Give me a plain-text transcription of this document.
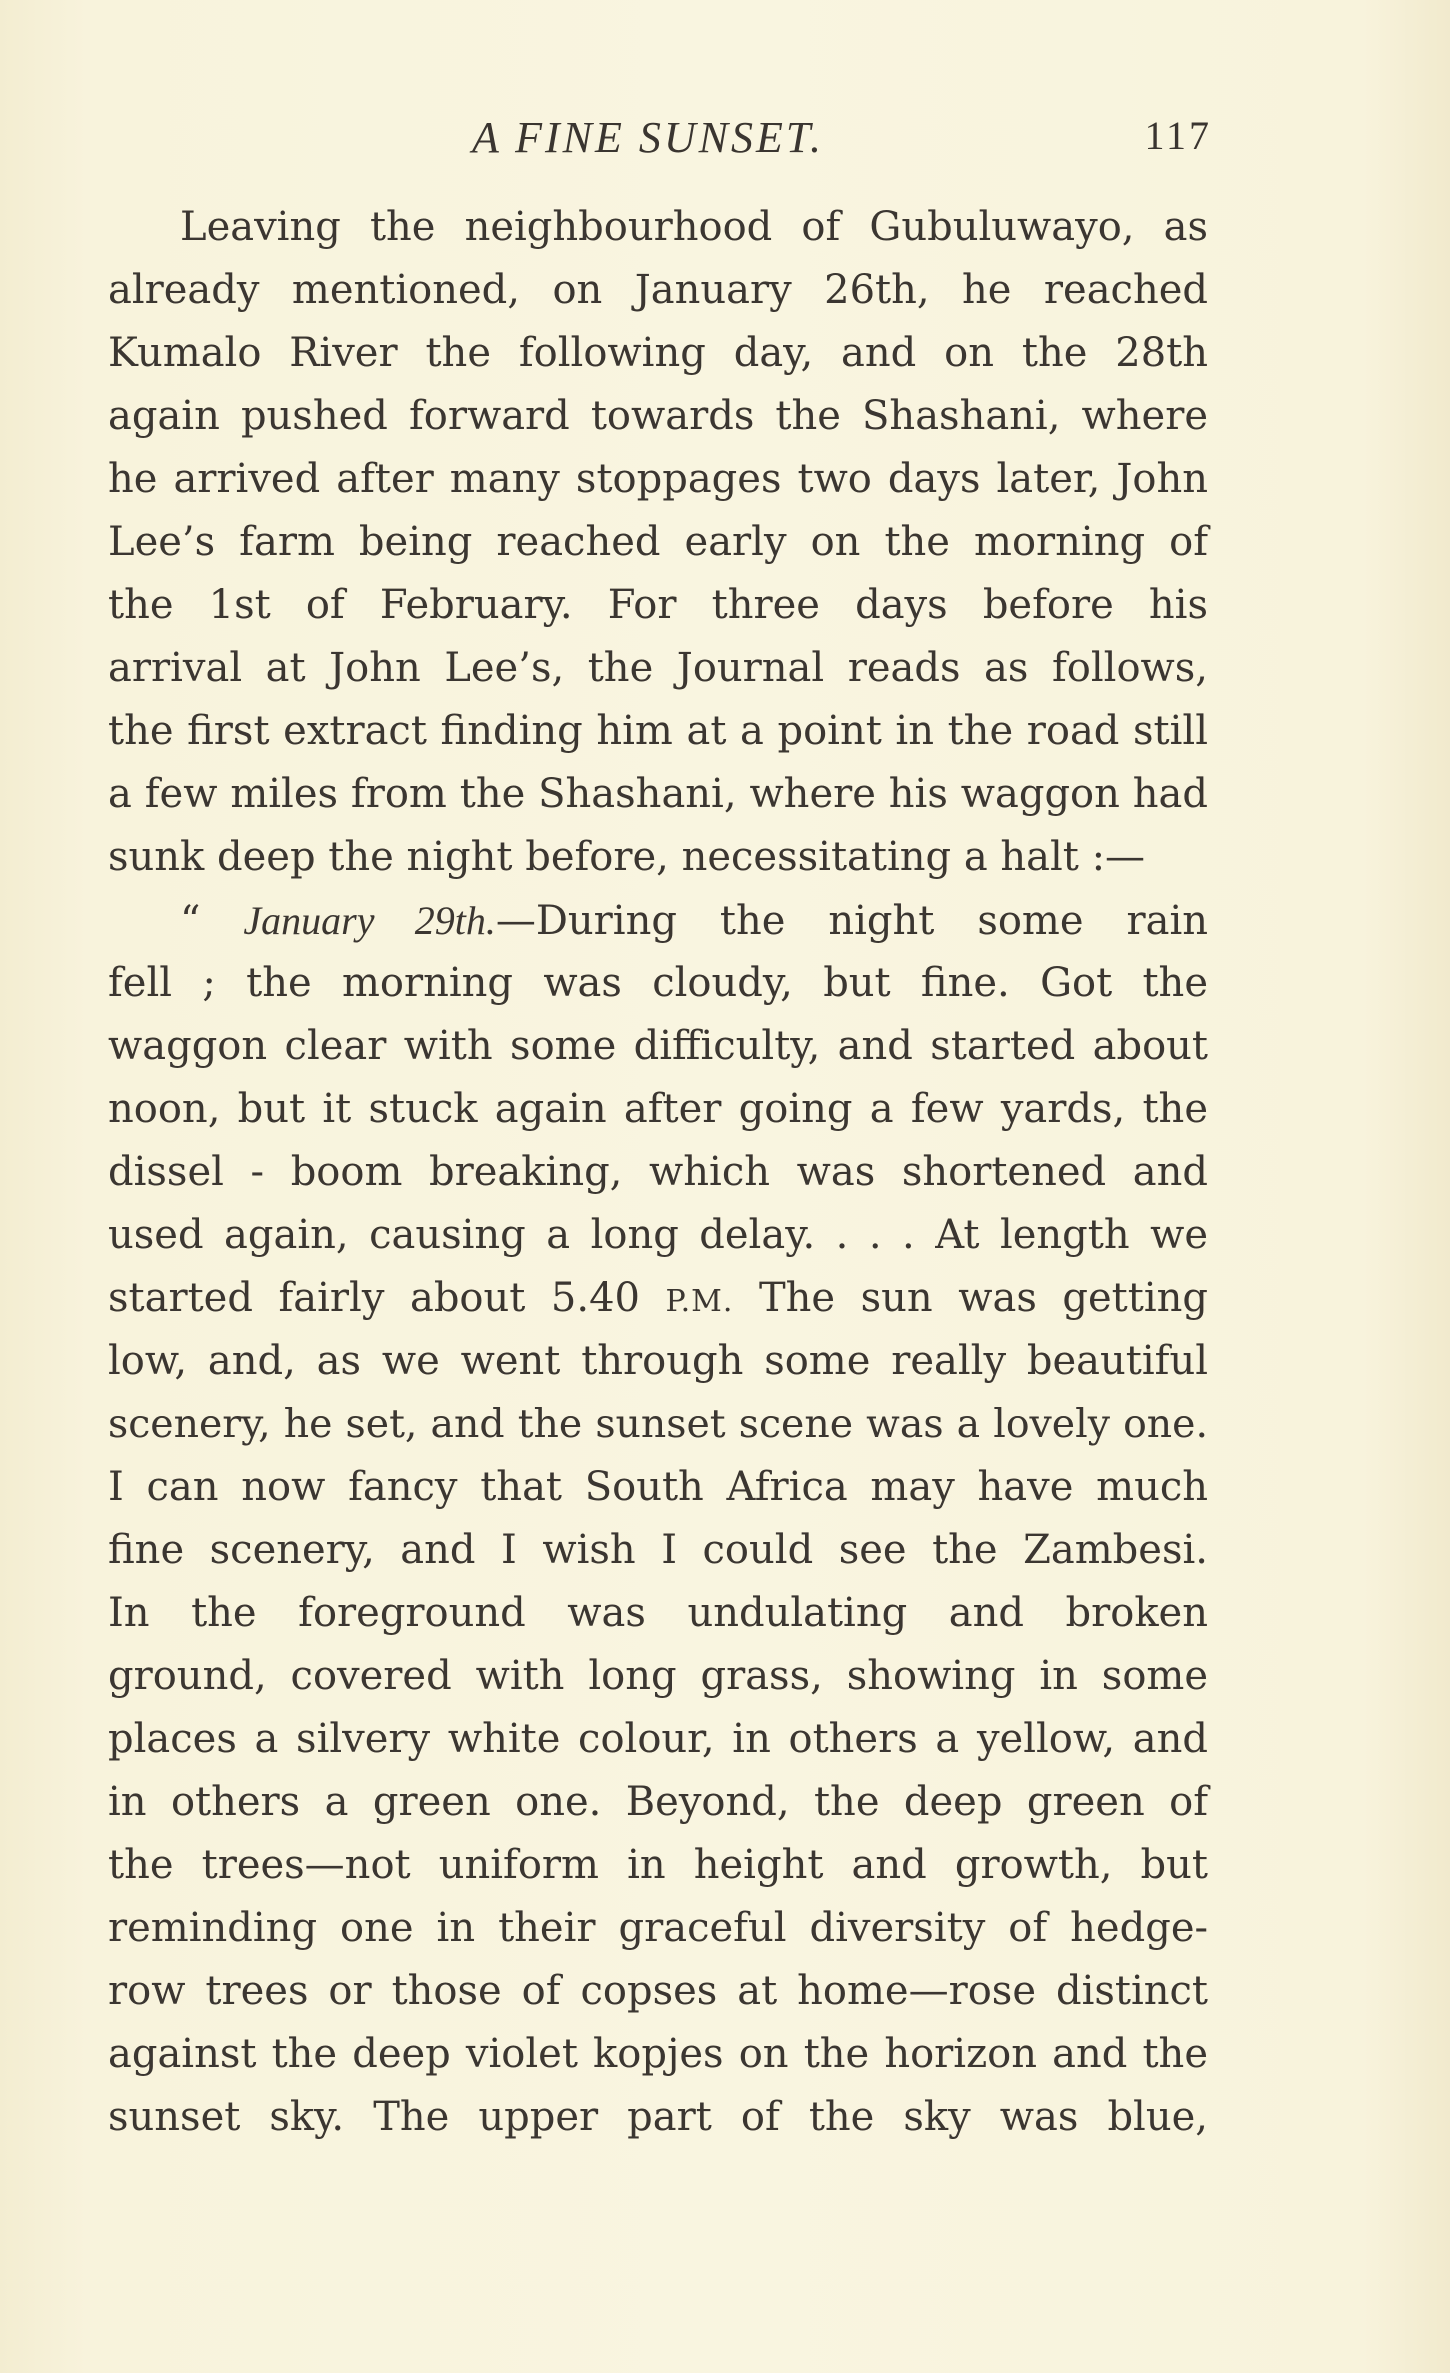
A FINE SUNSET.	117
Leaving the neighbourhood of Gubuluwayo, as
already mentioned, on January 26th, he reached
Kumalo River the following day, and on the 28th
again pushed forward towards the Shashani, where
he arrived after many stoppages two days later, John
Lee’s farm being reached early on the morning of
the 1st of February. For three days before his
arrival at John Lee’s, the Journal reads as follows,
the first extract finding him at a point in the road still
a few miles from the Shashani, where his waggon had
sunk deep the night before, necessitating a halt :—
“ January 29th.—During the night some rain
fell ; the morning was cloudy, but fine. Got the
waggon clear with some difficulty, and started about
noon, but it stuck again after going a few yards, the
dissel - boom breaking, which was shortened and
used again, causing a long delay. . . . At length we
started fairly about 5.40 P.M. The sun was getting
low, and, as we went through some really beautiful
scenery, he set, and the sunset scene was a lovely one.
I can now fancy that South Africa may have much
fine scenery, and I wish I could see the Zambesi.
In the foreground was undulating and broken
ground, covered with long grass, showing in some
places a silvery white colour, in others a yellow, and
in others a green one. Beyond, the deep green of
the trees—not uniform in height and growth, but
reminding one in their graceful diversity of hedge-
row trees or those of copses at home—rose distinct
against the deep violet kopjes on the horizon and the
sunset sky. The upper part of the sky was blue,
